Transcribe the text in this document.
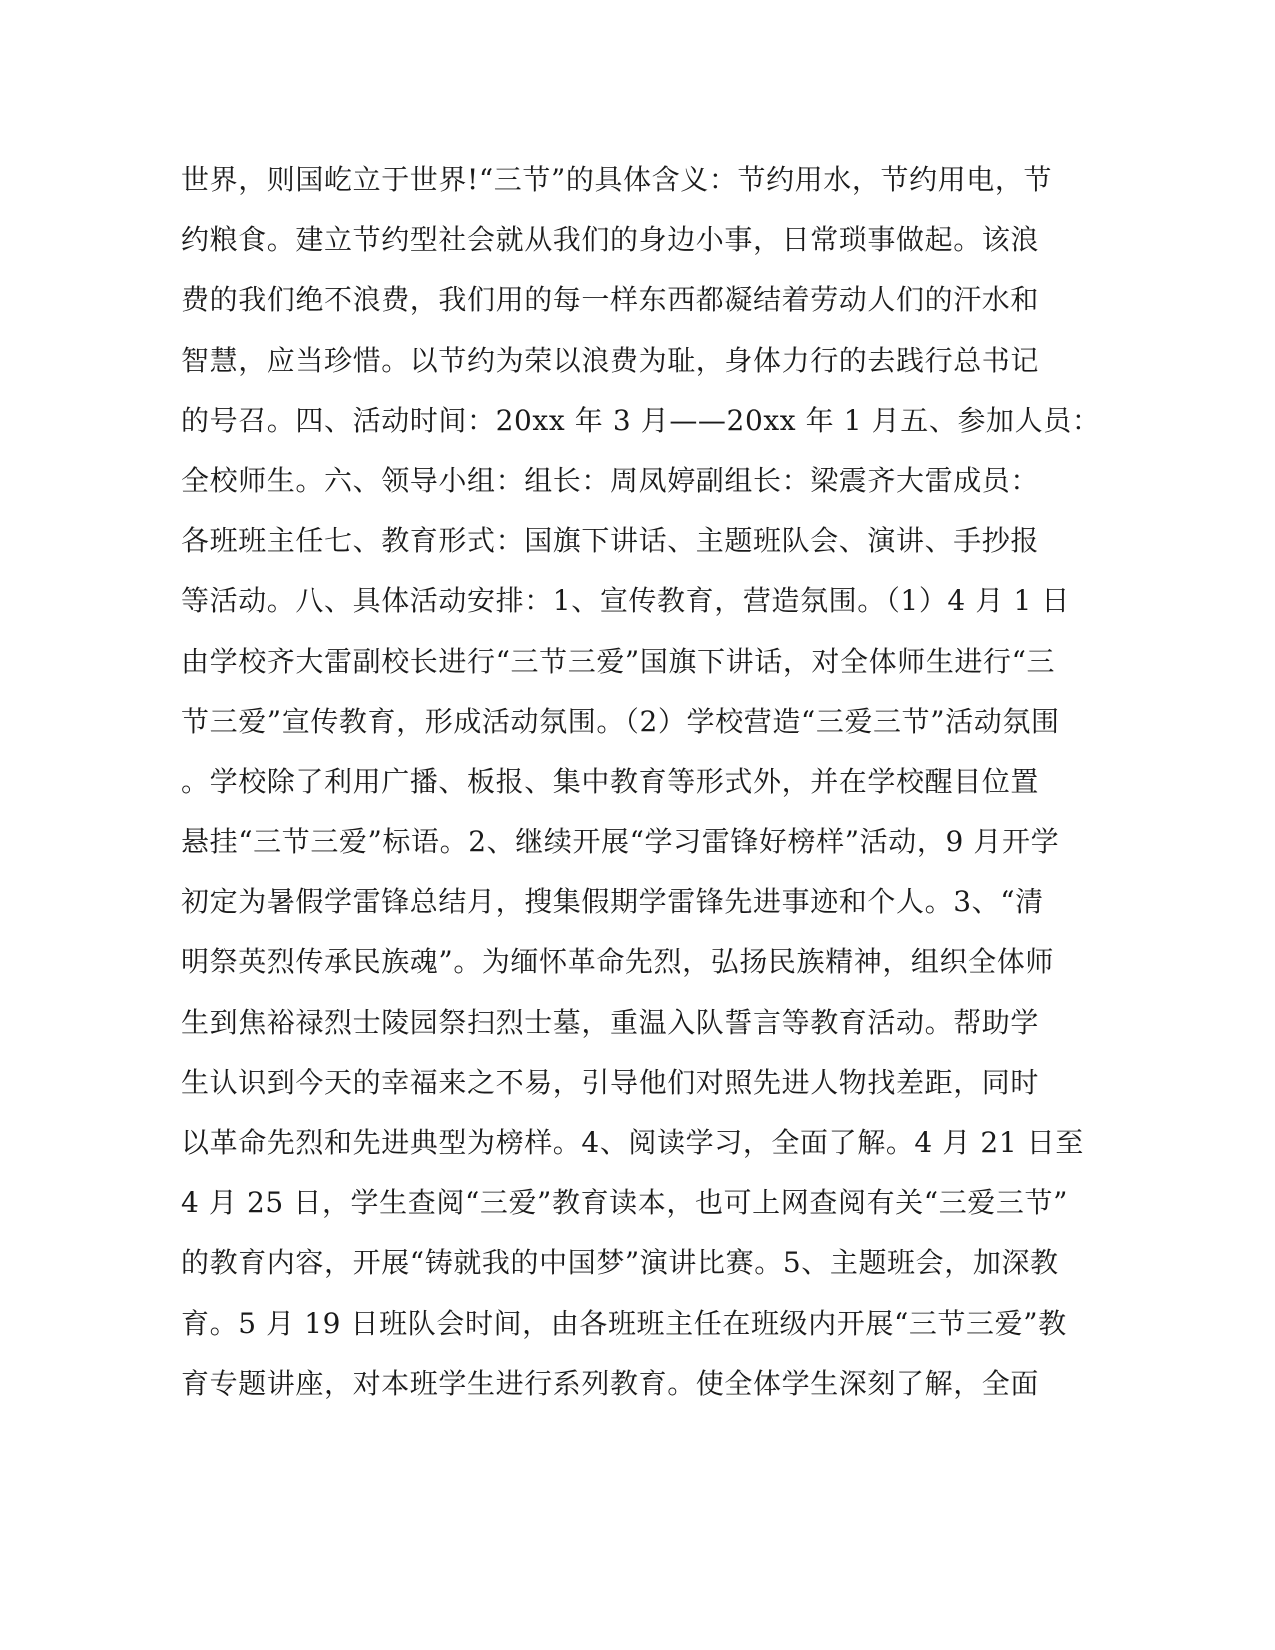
世界，则国屹立于世界!“三节”的具体含义：节约用水，节约用电，节
约粮食。建立节约型社会就从我们的身边小事，日常琐事做起。该浪
费的我们绝不浪费，我们用的每一样东西都凝结着劳动人们的汗水和
智慧，应当珍惜。以节约为荣以浪费为耻，身体力行的去践行总书记
的号召。四、活动时间：20xx 年 3 月——20xx 年 1 月五、参加人员：
全校师生。六、领导小组：组长：周凤婷副组长：梁震齐大雷成员：
各班班主任七、教育形式：国旗下讲话、主题班队会、演讲、手抄报
等活动。八、具体活动安排：1、宣传教育，营造氛围。（1）4 月 1 日
由学校齐大雷副校长进行“三节三爱”国旗下讲话，对全体师生进行“三
节三爱”宣传教育，形成活动氛围。（2）学校营造“三爱三节”活动氛围
。学校除了利用广播、板报、集中教育等形式外，并在学校醒目位置
悬挂“三节三爱”标语。2、继续开展“学习雷锋好榜样”活动，9 月开学
初定为暑假学雷锋总结月，搜集假期学雷锋先进事迹和个人。3、“清
明祭英烈传承民族魂”。为缅怀革命先烈，弘扬民族精神，组织全体师
生到焦裕禄烈士陵园祭扫烈士墓，重温入队誓言等教育活动。帮助学
生认识到今天的幸福来之不易，引导他们对照先进人物找差距，同时
以革命先烈和先进典型为榜样。4、阅读学习，全面了解。4 月 21 日至
4 月 25 日，学生查阅“三爱”教育读本，也可上网查阅有关“三爱三节”
的教育内容，开展“铸就我的中国梦”演讲比赛。5、主题班会，加深教
育。5 月 19 日班队会时间，由各班班主任在班级内开展“三节三爱”教
育专题讲座，对本班学生进行系列教育。使全体学生深刻了解，全面
